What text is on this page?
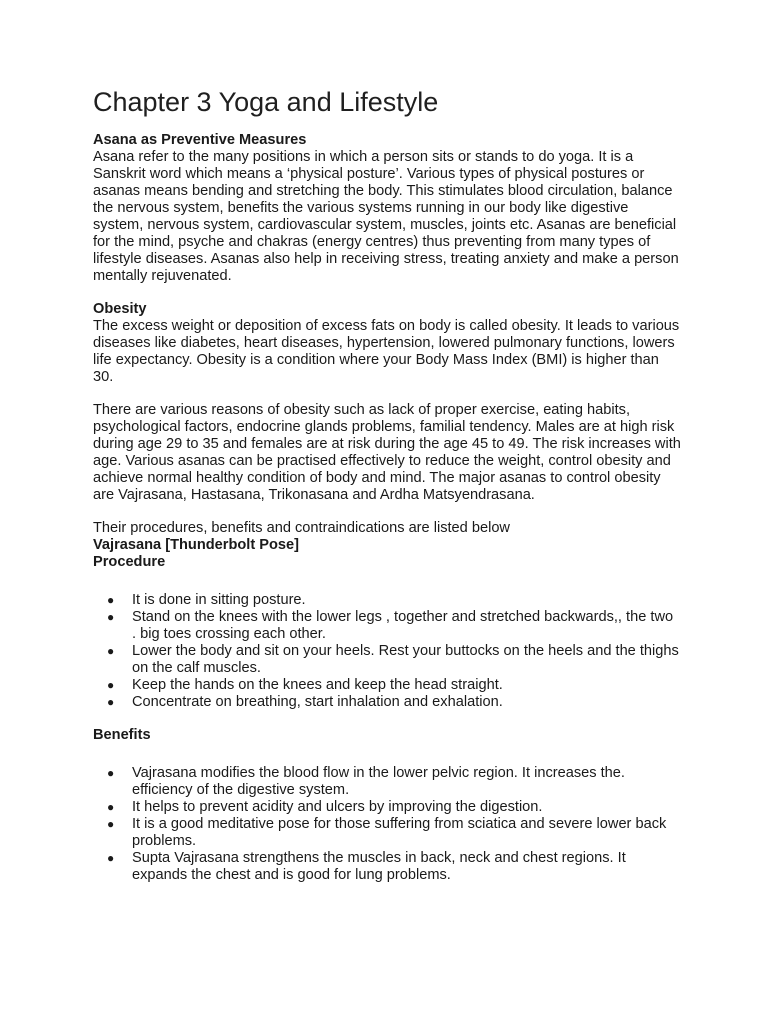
Chapter 3 Yoga and Lifestyle

Asana as Preventive Measures

Asana refer to the many positions in which a person sits or stands to do yoga. It is a Sanskrit word which means a ‘physical posture’. Various types of physical postures or asanas means bending and stretching the body. This stimulates blood circulation, balance the nervous system, benefits the various systems running in our body like digestive system, nervous system, cardiovascular system, muscles, joints etc. Asanas are beneficial for the mind, psyche and chakras (energy centres) thus preventing from many types of lifestyle diseases. Asanas also help in receiving stress, treating anxiety and make a person mentally rejuvenated.

Obesity

The excess weight or deposition of excess fats on body is called obesity. It leads to various diseases like diabetes, heart diseases, hypertension, lowered pulmonary functions, lowers life expectancy. Obesity is a condition where your Body Mass Index (BMI) is higher than 30.

There are various reasons of obesity such as lack of proper exercise, eating habits, psychological factors, endocrine glands problems, familial tendency. Males are at high risk during age 29 to 35 and females are at risk during the age 45 to 49. The risk increases with age. Various asanas can be practised effectively to reduce the weight, control obesity and achieve normal healthy condition of body and mind. The major asanas to control obesity are Vajrasana, Hastasana, Trikonasana and Ardha Matsyendrasana.

Their procedures, benefits and contraindications are listed below

Vajrasana [Thunderbolt Pose]

Procedure

● It is done in sitting posture.
● Stand on the knees with the lower legs , together and stretched backwards,, the two . big toes crossing each other.
● Lower the body and sit on your heels. Rest your buttocks on the heels and the thighs on the calf muscles.
● Keep the hands on the knees and keep the head straight.
● Concentrate on breathing, start inhalation and exhalation.

Benefits

● Vajrasana modifies the blood flow in the lower pelvic region. It increases the. efficiency of the digestive system.
● It helps to prevent acidity and ulcers by improving the digestion.
● It is a good meditative pose for those suffering from sciatica and severe lower back problems.
● Supta Vajrasana strengthens the muscles in back, neck and chest regions. It expands the chest and is good for lung problems.
